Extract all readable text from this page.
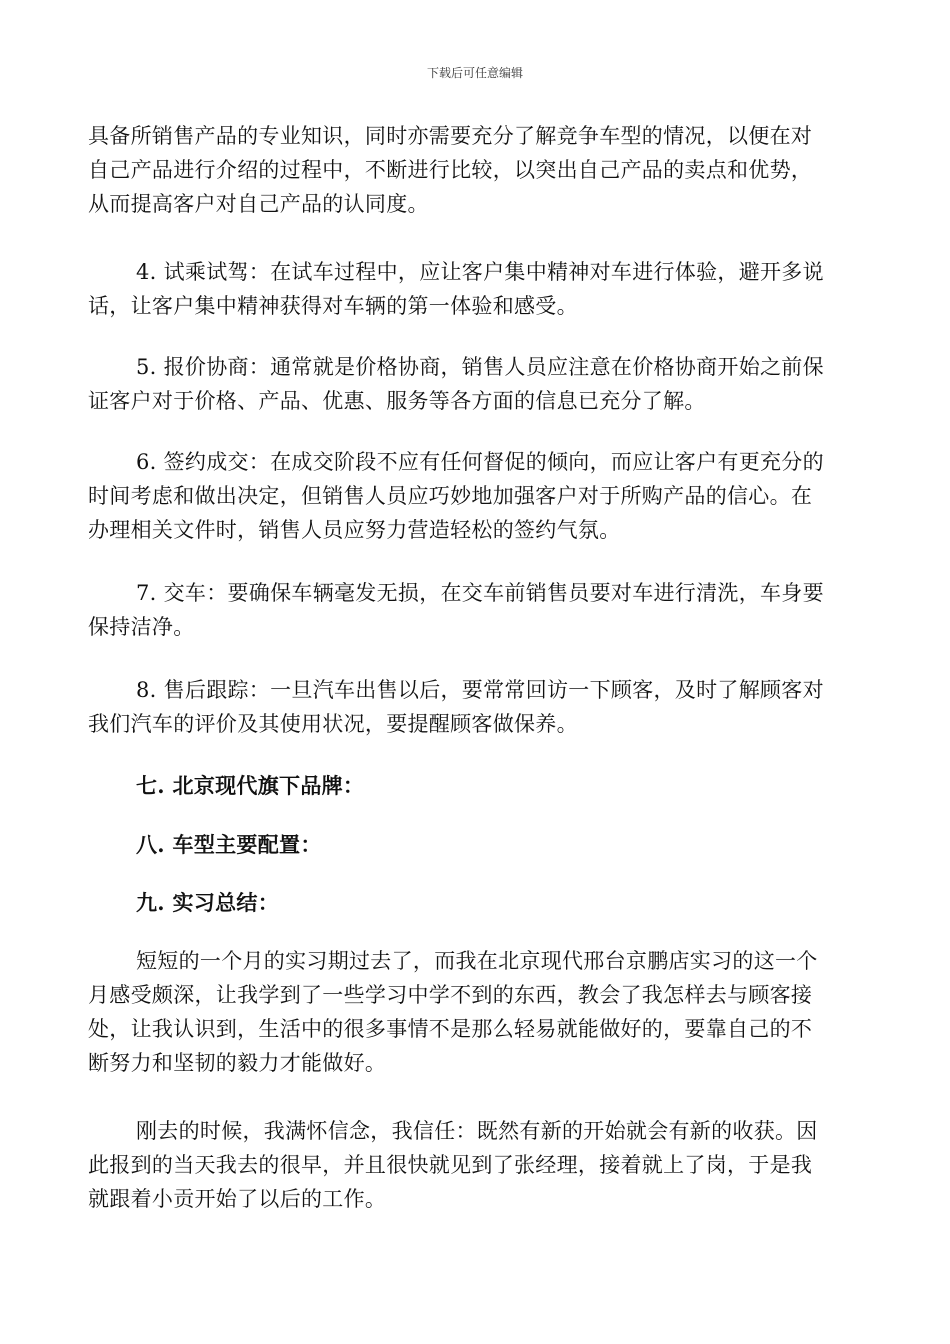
下载后可任意编辑
具备所销售产品的专业知识，同时亦需要充分了解竞争车型的情况，以便在对
自己产品进行介绍的过程中，不断进行比较，以突出自己产品的卖点和优势，
从而提高客户对自己产品的认同度。
4. 试乘试驾：在试车过程中，应让客户集中精神对车进行体验，避开多说
话，让客户集中精神获得对车辆的第一体验和感受。
5. 报价协商：通常就是价格协商，销售人员应注意在价格协商开始之前保
证客户对于价格、产品、优惠、服务等各方面的信息已充分了解。
6. 签约成交：在成交阶段不应有任何督促的倾向，而应让客户有更充分的
时间考虑和做出决定，但销售人员应巧妙地加强客户对于所购产品的信心。在
办理相关文件时，销售人员应努力营造轻松的签约气氛。
7. 交车：要确保车辆毫发无损，在交车前销售员要对车进行清洗，车身要
保持洁净。
8. 售后跟踪：一旦汽车出售以后，要常常回访一下顾客，及时了解顾客对
我们汽车的评价及其使用状况，要提醒顾客做保养。
七. 北京现代旗下品牌：
八. 车型主要配置：
九. 实习总结：
短短的一个月的实习期过去了，而我在北京现代邢台京鹏店实习的这一个
月感受颇深，让我学到了一些学习中学不到的东西，教会了我怎样去与顾客接
处，让我认识到，生活中的很多事情不是那么轻易就能做好的，要靠自己的不
断努力和坚韧的毅力才能做好。
刚去的时候，我满怀信念，我信任：既然有新的开始就会有新的收获。因
此报到的当天我去的很早，并且很快就见到了张经理，接着就上了岗，于是我
就跟着小贡开始了以后的工作。
